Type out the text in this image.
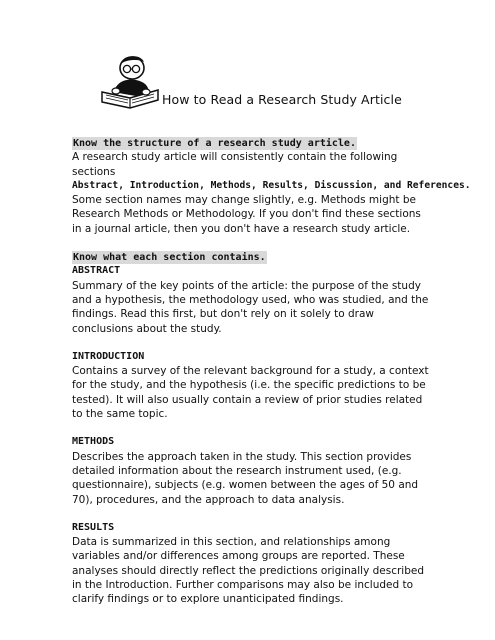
How to Read a Research Study Article
Know the structure of a research study article.

A research study article will consistently contain the following sections

Abstract, Introduction, Methods, Results, Discussion, and References.

Some section names may change slightly, e.g. Methods might be Research Methods or Methodology. If you don't find these sections in a journal article, then you don't have a research study article.

Know what each section contains.
ABSTRACT

Summary of the key points of the article: the purpose of the study and a hypothesis, the methodology used, who was studied, and the findings. Read this first, but don't rely on it solely to draw conclusions about the study.

INTRODUCTION

Contains a survey of the relevant background for a study, a context for the study, and the hypothesis (i.e. the specific predictions to be tested). It will also usually contain a review of prior studies related to the same topic.

METHODS

Describes the approach taken in the study. This section provides detailed information about the research instrument used, (e.g. questionnaire), subjects (e.g. women between the ages of 50 and 70), procedures, and the approach to data analysis.

RESULTS

Data is summarized in this section, and relationships among variables and/or differences among groups are reported. These analyses should directly reflect the predictions originally described in the Introduction. Further comparisons may also be included to clarify findings or to explore unanticipated findings.
